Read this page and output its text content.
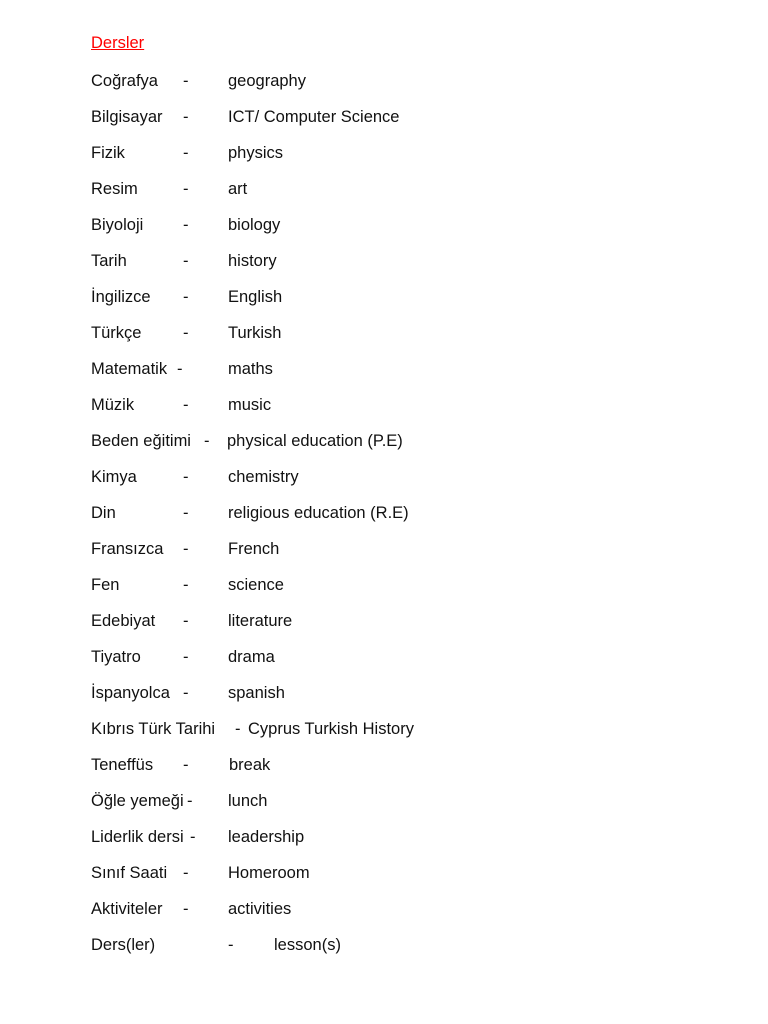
Dersler
Coğrafya - geography
Bilgisayar - ICT/ Computer Science
Fizik	- physics
Resim	- art
Biyoloji - biology
Tarih	- history
İngilizce - English
Türkçe	- Turkish
Matematik -	maths
Müzik	- music
Beden eğitimi - physical education (P.E)
Kimya	- chemistry
Din	- religious education (R.E)
Fransızca - French
Fen	- science
Edebiyat - literature
Tiyatro	- drama
İspanyolca - spanish
Kıbrıs Türk Tarihi - Cyprus Turkish History
Teneffüs - break
Öğle yemeği - lunch
Liderlik dersi - leadership
Sınıf Saati - Homeroom
Aktiviteler - activities
Ders(ler)	- lesson(s)
